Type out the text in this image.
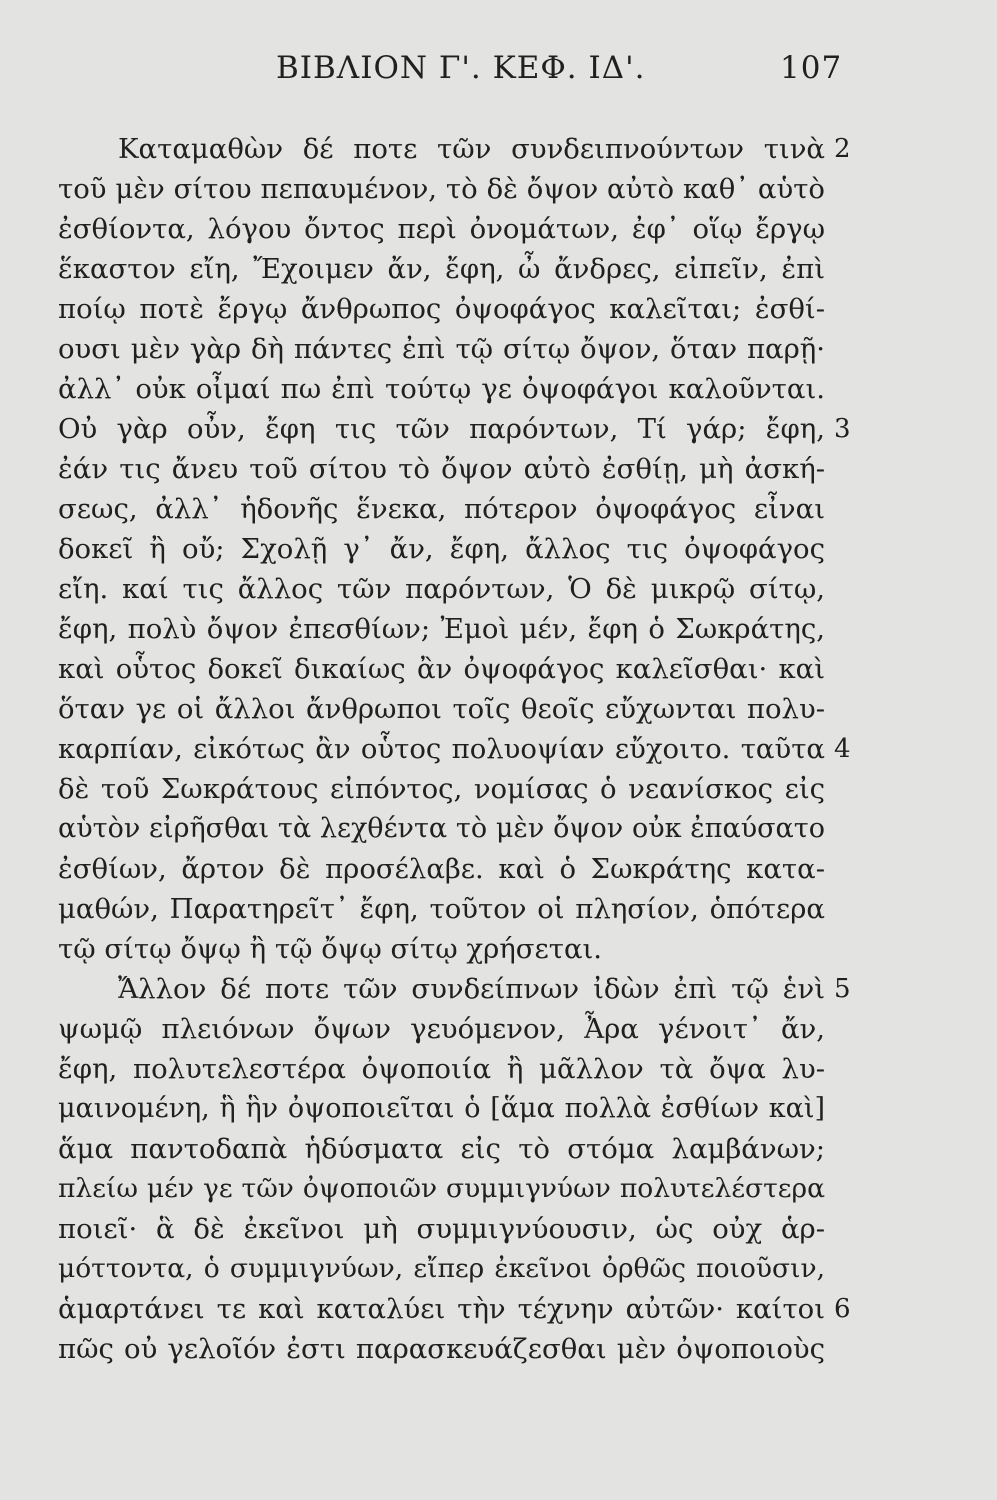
ΒΙΒΛΙΟΝ Γ'. ΚΕΦ. ΙΔ'.	107
Καταμαθὼν δέ ποτε τῶν συνδειπνούντων τινὰ
τοῦ μὲν σίτου πεπαυμένον, τὸ δὲ ὄψον αὐτὸ καθ᾽ αὑτὸ
ἐσθίοντα, λόγου ὄντος περὶ ὀνομάτων, ἐφ᾽ οἵῳ ἔργῳ
ἕκαστον εἴη, Ἔχοιμεν ἄν, ἔφη, ὦ ἄνδρες, εἰπεῖν, ἐπὶ
ποίῳ ποτὲ ἔργῳ ἄνθρωπος ὀψοφάγος καλεῖται; ἐσθί-
ουσι μὲν γὰρ δὴ πάντες ἐπὶ τῷ σίτῳ ὄψον, ὅταν παρῇ·
ἀλλ᾽ οὐκ οἶμαί πω ἐπὶ τούτῳ γε ὀψοφάγοι καλοῦνται.
Οὐ γὰρ οὖν, ἔφη τις τῶν παρόντων, Τί γάρ; ἔφη,
ἐάν τις ἄνευ τοῦ σίτου τὸ ὄψον αὐτὸ ἐσθίῃ, μὴ ἀσκή-
σεως, ἀλλ᾽ ἡδονῆς ἕνεκα, πότερον ὀψοφάγος εἶναι
δοκεῖ ἢ οὔ; Σχολῇ γ᾽ ἄν, ἔφη, ἄλλος τις ὀψοφάγος
εἴη. καί τις ἄλλος τῶν παρόντων, Ὁ δὲ μικρῷ σίτῳ,
ἔφη, πολὺ ὄψον ἐπεσθίων; Ἐμοὶ μέν, ἔφη ὁ Σωκράτης,
καὶ οὗτος δοκεῖ δικαίως ἂν ὀψοφάγος καλεῖσθαι· καὶ
ὅταν γε οἱ ἄλλοι ἄνθρωποι τοῖς θεοῖς εὔχωνται πολυ-
καρπίαν, εἰκότως ἂν οὗτος πολυοψίαν εὔχοιτο. ταῦτα
δὲ τοῦ Σωκράτους εἰπόντος, νομίσας ὁ νεανίσκος εἰς
αὑτὸν εἰρῆσθαι τὰ λεχθέντα τὸ μὲν ὄψον οὐκ ἐπαύσατο
ἐσθίων, ἄρτον δὲ προσέλαβε. καὶ ὁ Σωκράτης κατα-
μαθών, Παρατηρεῖτ᾽ ἔφη, τοῦτον οἱ πλησίον, ὁπότερα
τῷ σίτῳ ὄψῳ ἢ τῷ ὄψῳ σίτῳ χρήσεται.
Ἄλλον δέ ποτε τῶν συνδείπνων ἰδὼν ἐπὶ τῷ ἑνὶ
ψωμῷ πλειόνων ὄψων γευόμενον, Ἆρα γένοιτ᾽ ἄν,
ἔφη, πολυτελεστέρα ὀψοποιία ἢ μᾶλλον τὰ ὄψα λυ-
μαινομένη, ἣ ἣν ὀψοποιεῖται ὁ [ἅμα πολλὰ ἐσθίων καὶ]
ἅμα παντοδαπὰ ἡδύσματα εἰς τὸ στόμα λαμβάνων;
πλείω μέν γε τῶν ὀψοποιῶν συμμιγνύων πολυτελέστερα
ποιεῖ· ἃ δὲ ἐκεῖνοι μὴ συμμιγνύουσιν, ὡς οὐχ ἁρ-
μόττοντα, ὁ συμμιγνύων, εἴπερ ἐκεῖνοι ὀρθῶς ποιοῦσιν,
ἁμαρτάνει τε καὶ καταλύει τὴν τέχνην αὐτῶν· καίτοι
πῶς οὐ γελοῖόν ἐστι παρασκευάζεσθαι μὲν ὀψοποιοὺς
2
3
4
5
6
